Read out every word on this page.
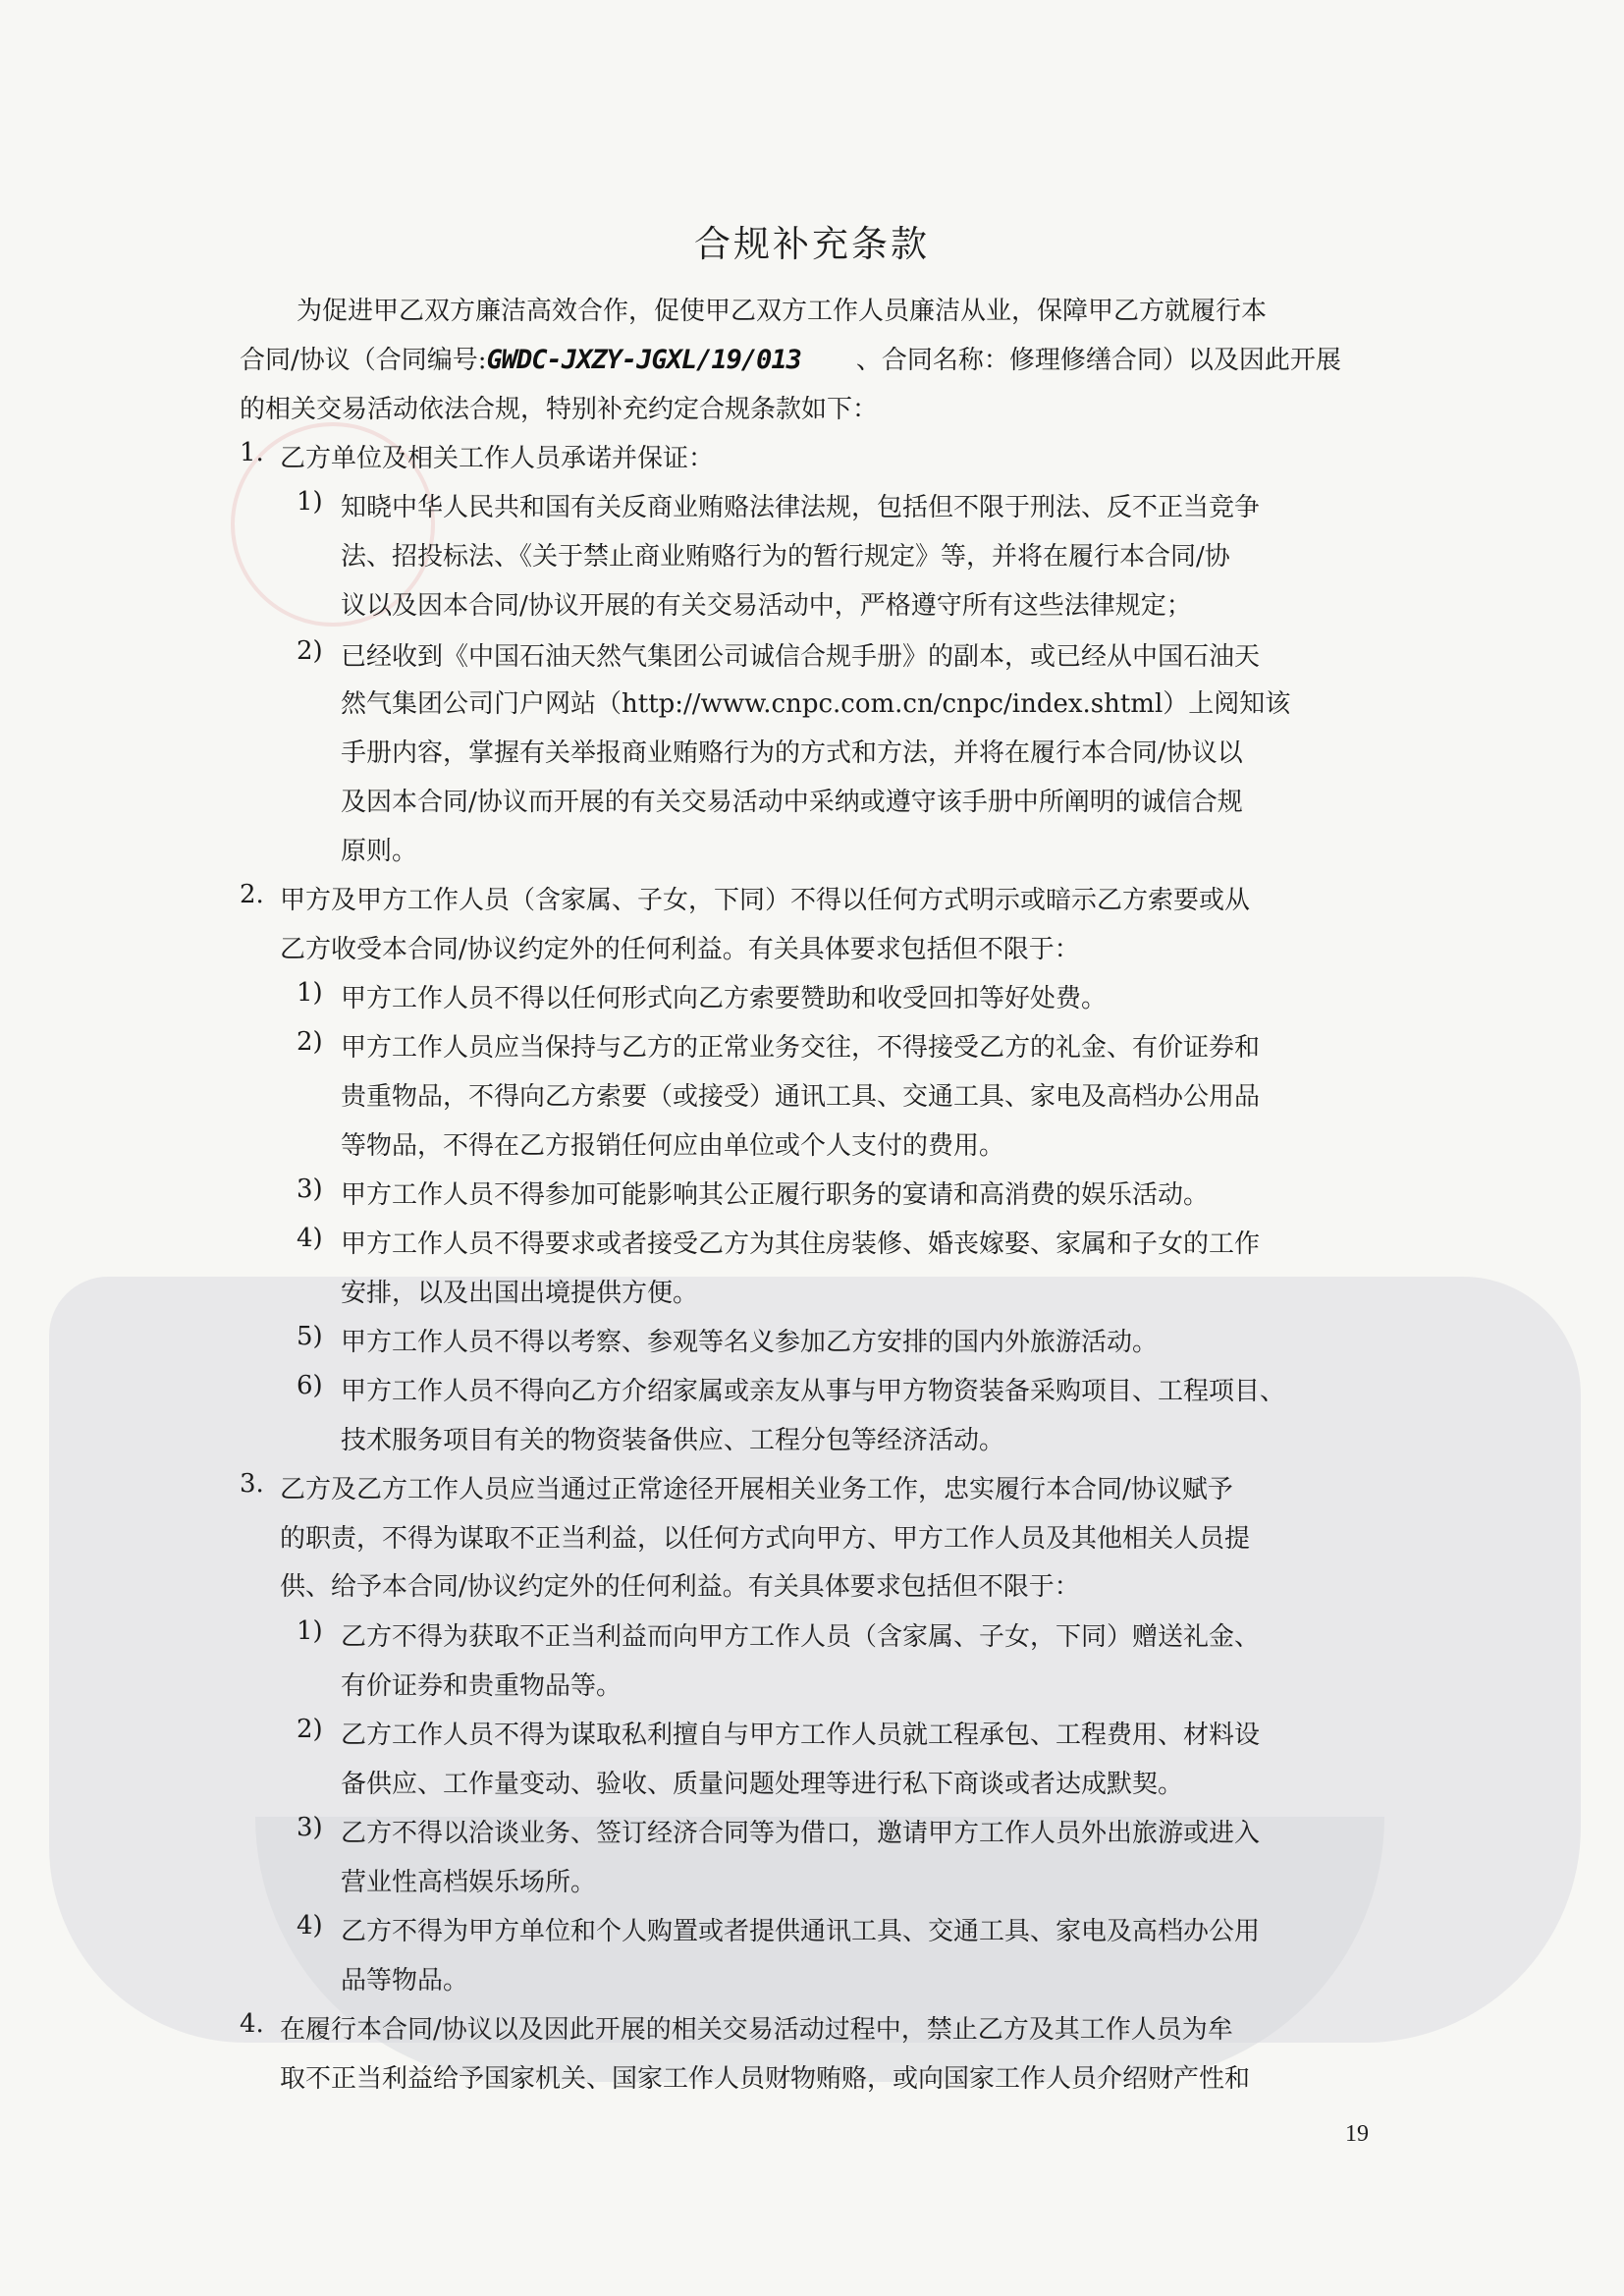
合规补充条款
为促进甲乙双方廉洁高效合作，促使甲乙双方工作人员廉洁从业，保障甲乙方就履行本
合同/协议（合同编号:GWDC-JXZY-JGXL/19/013 、合同名称：修理修缮合同）以及因此开展
的相关交易活动依法合规，特别补充约定合规条款如下：
1. 乙方单位及相关工作人员承诺并保证：
1) 知晓中华人民共和国有关反商业贿赂法律法规，包括但不限于刑法、反不正当竞争
法、招投标法、《关于禁止商业贿赂行为的暂行规定》等，并将在履行本合同/协
议以及因本合同/协议开展的有关交易活动中，严格遵守所有这些法律规定；
2) 已经收到《中国石油天然气集团公司诚信合规手册》的副本，或已经从中国石油天
然气集团公司门户网站（http://www.cnpc.com.cn/cnpc/index.shtml）上阅知该
手册内容，掌握有关举报商业贿赂行为的方式和方法，并将在履行本合同/协议以
及因本合同/协议而开展的有关交易活动中采纳或遵守该手册中所阐明的诚信合规
原则。
2. 甲方及甲方工作人员（含家属、子女，下同）不得以任何方式明示或暗示乙方索要或从
乙方收受本合同/协议约定外的任何利益。有关具体要求包括但不限于：
1) 甲方工作人员不得以任何形式向乙方索要赞助和收受回扣等好处费。
2) 甲方工作人员应当保持与乙方的正常业务交往，不得接受乙方的礼金、有价证券和
贵重物品，不得向乙方索要（或接受）通讯工具、交通工具、家电及高档办公用品
等物品，不得在乙方报销任何应由单位或个人支付的费用。
3) 甲方工作人员不得参加可能影响其公正履行职务的宴请和高消费的娱乐活动。
4) 甲方工作人员不得要求或者接受乙方为其住房装修、婚丧嫁娶、家属和子女的工作
安排，以及出国出境提供方便。
5) 甲方工作人员不得以考察、参观等名义参加乙方安排的国内外旅游活动。
6) 甲方工作人员不得向乙方介绍家属或亲友从事与甲方物资装备采购项目、工程项目、
技术服务项目有关的物资装备供应、工程分包等经济活动。
3. 乙方及乙方工作人员应当通过正常途径开展相关业务工作，忠实履行本合同/协议赋予
的职责，不得为谋取不正当利益，以任何方式向甲方、甲方工作人员及其他相关人员提
供、给予本合同/协议约定外的任何利益。有关具体要求包括但不限于：
1) 乙方不得为获取不正当利益而向甲方工作人员（含家属、子女，下同）赠送礼金、
有价证券和贵重物品等。
2) 乙方工作人员不得为谋取私利擅自与甲方工作人员就工程承包、工程费用、材料设
备供应、工作量变动、验收、质量问题处理等进行私下商谈或者达成默契。
3) 乙方不得以洽谈业务、签订经济合同等为借口，邀请甲方工作人员外出旅游或进入
营业性高档娱乐场所。
4) 乙方不得为甲方单位和个人购置或者提供通讯工具、交通工具、家电及高档办公用
品等物品。
4. 在履行本合同/协议以及因此开展的相关交易活动过程中，禁止乙方及其工作人员为牟
取不正当利益给予国家机关、国家工作人员财物贿赂，或向国家工作人员介绍财产性和
19
